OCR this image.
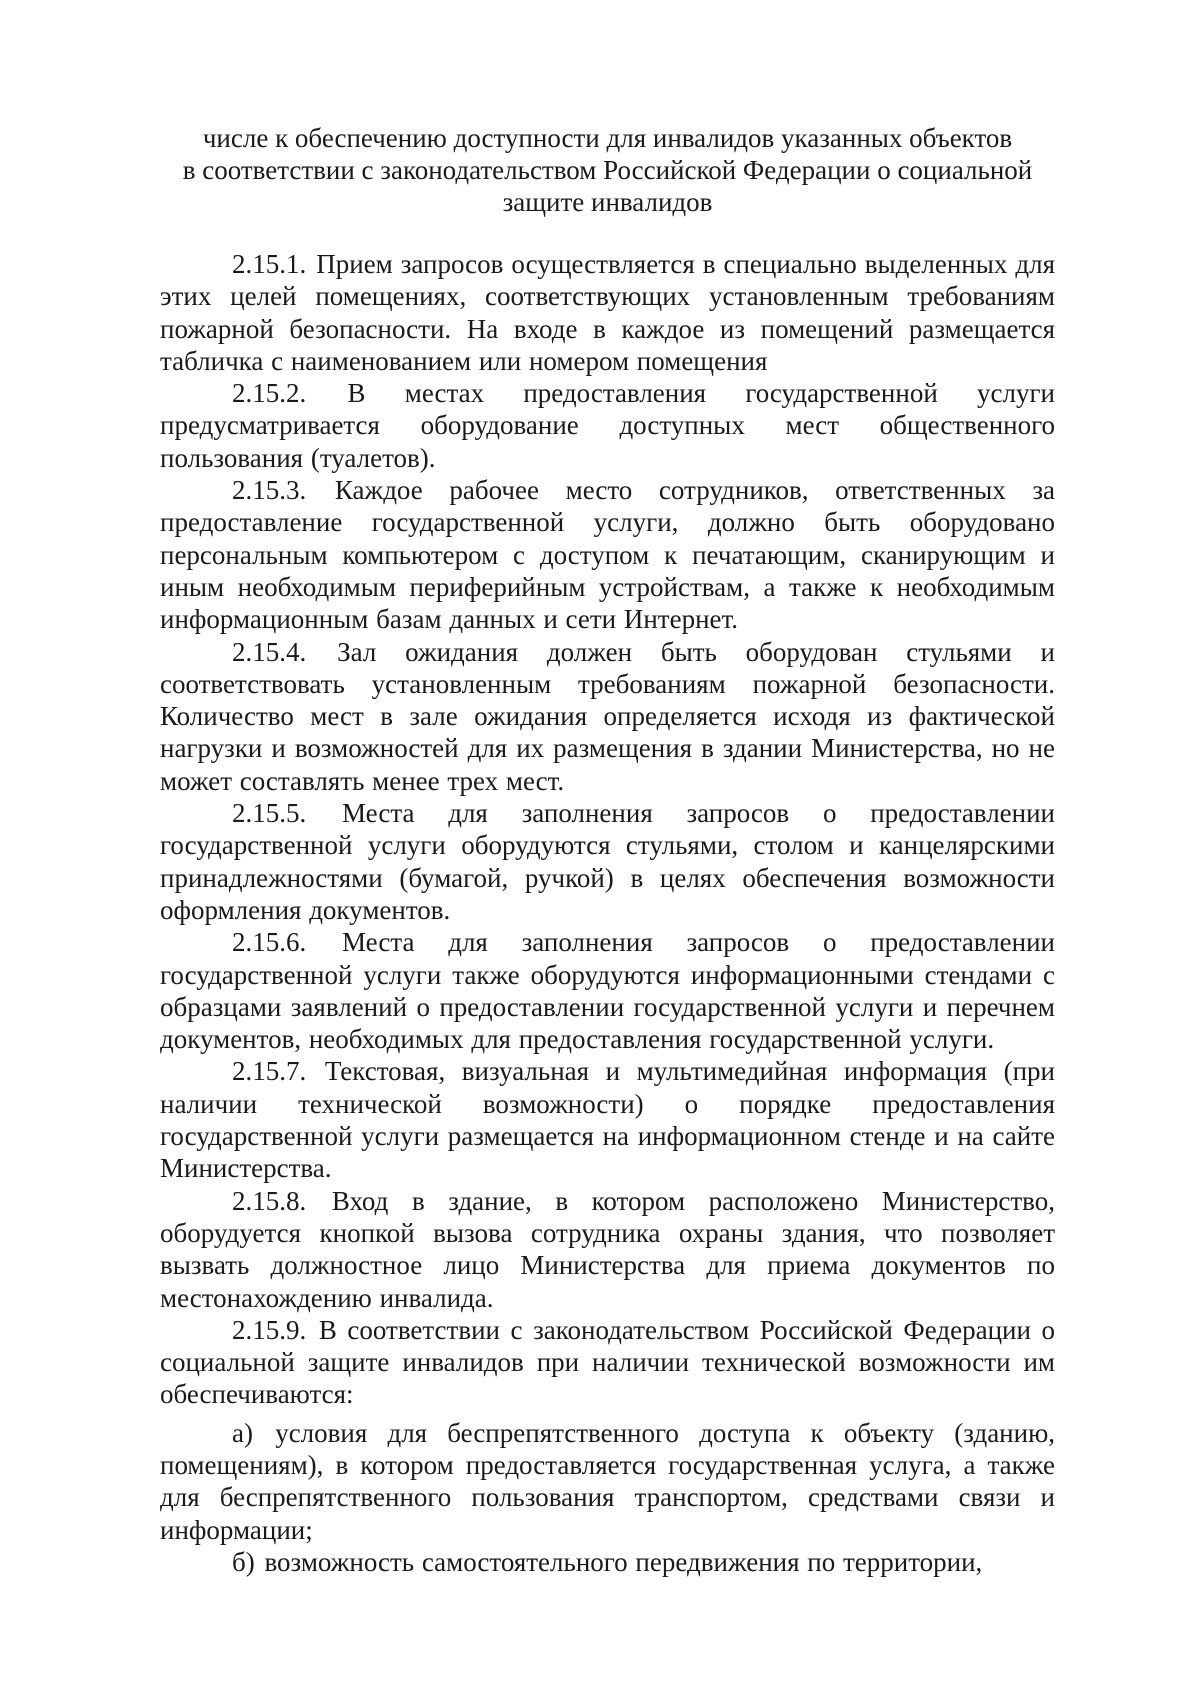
числе к обеспечению доступности для инвалидов указанных объектов
в соответствии с законодательством Российской Федерации о социальной
защите инвалидов

2.15.1. Прием запросов осуществляется в специально выделенных для этих целей помещениях, соответствующих установленным требованиям пожарной безопасности. На входе в каждое из помещений размещается табличка с наименованием или номером помещения

2.15.2. В местах предоставления государственной услуги предусматривается оборудование доступных мест общественного пользования (туалетов).

2.15.3. Каждое рабочее место сотрудников, ответственных за предоставление государственной услуги, должно быть оборудовано персональным компьютером с доступом к печатающим, сканирующим и иным необходимым периферийным устройствам, а также к необходимым информационным базам данных и сети Интернет.

2.15.4. Зал ожидания должен быть оборудован стульями и соответствовать установленным требованиям пожарной безопасности. Количество мест в зале ожидания определяется исходя из фактической нагрузки и возможностей для их размещения в здании Министерства, но не может составлять менее трех мест.

2.15.5. Места для заполнения запросов о предоставлении государственной услуги оборудуются стульями, столом и канцелярскими принадлежностями (бумагой, ручкой) в целях обеспечения возможности оформления документов.

2.15.6. Места для заполнения запросов о предоставлении государственной услуги также оборудуются информационными стендами с образцами заявлений о предоставлении государственной услуги и перечнем документов, необходимых для предоставления государственной услуги.

2.15.7. Текстовая, визуальная и мультимедийная информация (при наличии технической возможности) о порядке предоставления государственной услуги размещается на информационном стенде и на сайте Министерства.

2.15.8. Вход в здание, в котором расположено Министерство, оборудуется кнопкой вызова сотрудника охраны здания, что позволяет вызвать должностное лицо Министерства для приема документов по местонахождению инвалида.

2.15.9. В соответствии с законодательством Российской Федерации о социальной защите инвалидов при наличии технической возможности им обеспечиваются:

а) условия для беспрепятственного доступа к объекту (зданию, помещениям), в котором предоставляется государственная услуга, а также для беспрепятственного пользования транспортом, средствами связи и информации;

б) возможность самостоятельного передвижения по территории,
